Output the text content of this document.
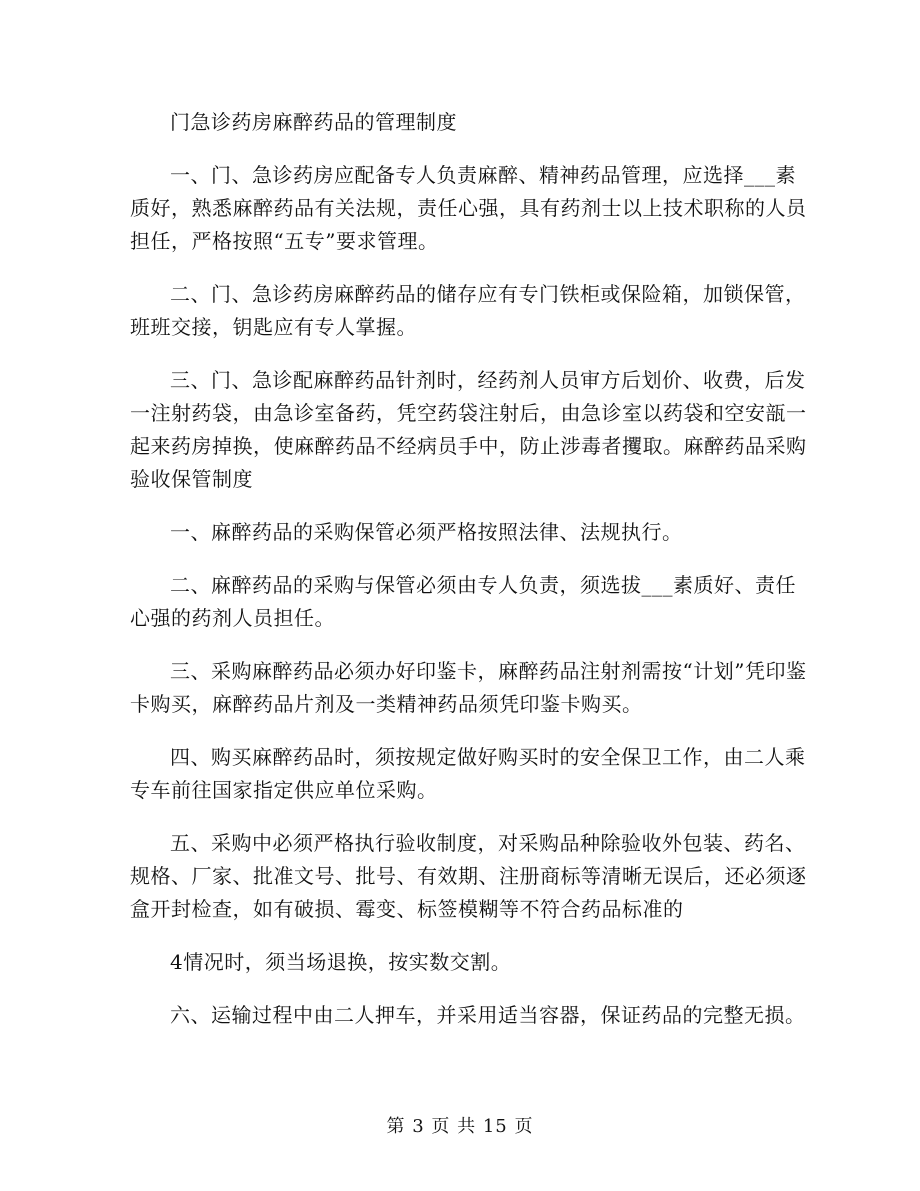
门急诊药房麻醉药品的管理制度

一、门、急诊药房应配备专人负责麻醉、精神药品管理，应选择___素质好，熟悉麻醉药品有关法规，责任心强，具有药剂士以上技术职称的人员担任，严格按照“五专”要求管理。

二、门、急诊药房麻醉药品的储存应有专门铁柜或保险箱，加锁保管，班班交接，钥匙应有专人掌握。

三、门、急诊配麻醉药品针剂时，经药剂人员审方后划价、收费，后发一注射药袋，由急诊室备药，凭空药袋注射后，由急诊室以药袋和空安瓿一起来药房掉换，使麻醉药品不经病员手中，防止涉毒者攫取。麻醉药品采购验收保管制度

一、麻醉药品的采购保管必须严格按照法律、法规执行。

二、麻醉药品的采购与保管必须由专人负责，须选拔___素质好、责任心强的药剂人员担任。

三、采购麻醉药品必须办好印鉴卡，麻醉药品注射剂需按“计划”凭印鉴卡购买，麻醉药品片剂及一类精神药品须凭印鉴卡购买。

四、购买麻醉药品时，须按规定做好购买时的安全保卫工作，由二人乘专车前往国家指定供应单位采购。

五、采购中必须严格执行验收制度，对采购品种除验收外包装、药名、规格、厂家、批准文号、批号、有效期、注册商标等清晰无误后，还必须逐盒开封检查，如有破损、霉变、标签模糊等不符合药品标准的

4情况时，须当场退换，按实数交割。

六、运输过程中由二人押车，并采用适当容器，保证药品的完整无损。

第 3 页 共 15 页
